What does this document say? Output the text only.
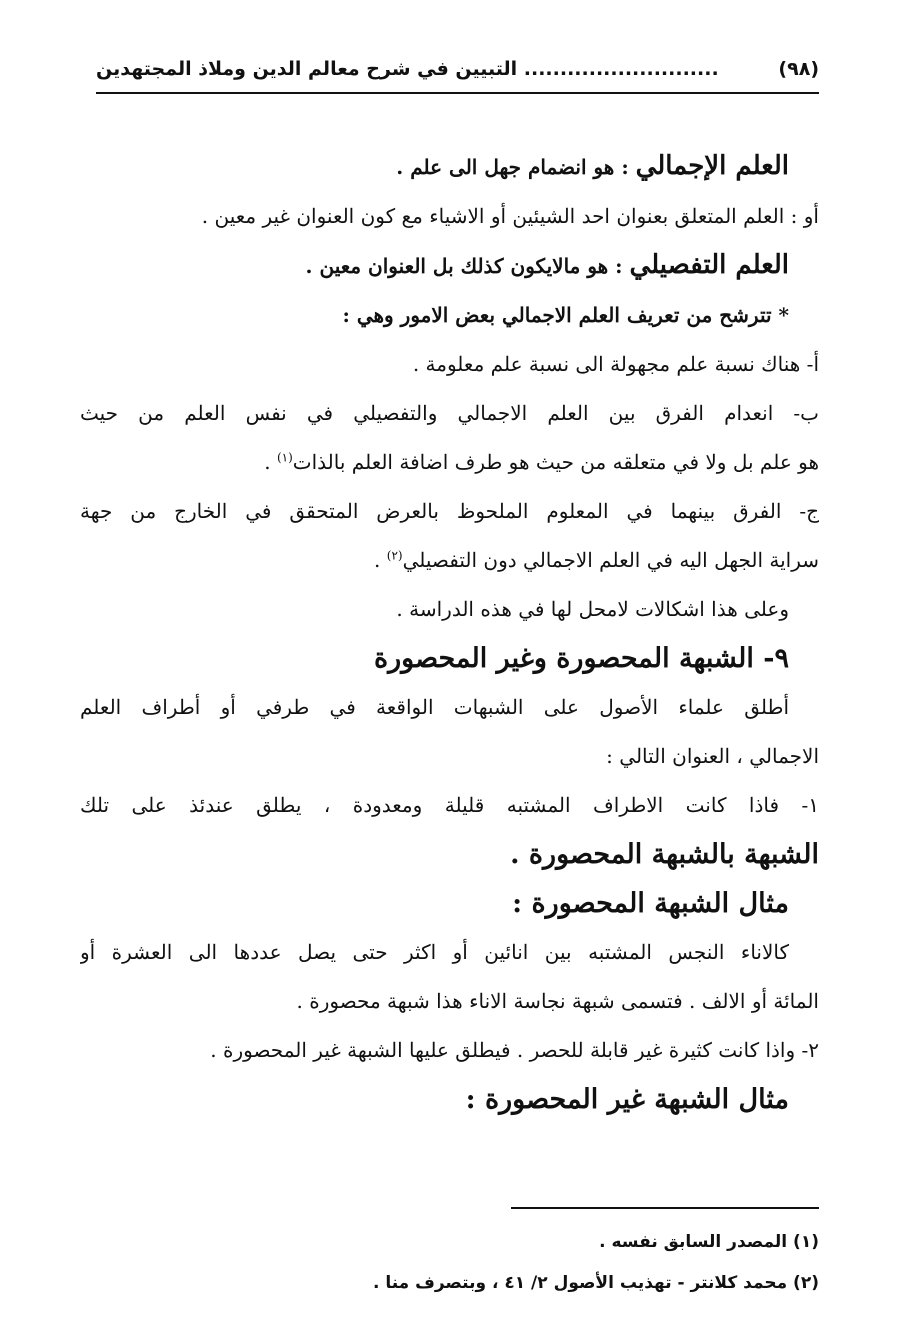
(٩٨)
........................... التبيين في شرح معالم الدين وملاذ المجتهدين
العلم الإجمالي : هو انضمام جهل الى علم .
أو : العلم المتعلق بعنوان احد الشيئين أو الاشياء مع كون العنوان غير معين .
العلم التفصيلي : هو مالايكون كذلك بل العنوان معين .
* تترشح من تعريف العلم الاجمالي بعض الامور وهي :
أ- هناك نسبة علم مجهولة الى نسبة علم معلومة .
ب- انعدام الفرق بين العلم الاجمالي والتفصيلي في نفس العلم من حيث
هو علم بل ولا في متعلقه من حيث هو طرف اضافة العلم بالذات$^{(١)}$ .
ج- الفرق بينهما في المعلوم الملحوظ بالعرض المتحقق في الخارج من جهة
سراية الجهل اليه في العلم الاجمالي دون التفصيلي$^{(٢)}$ .
وعلى هذا اشكالات لامحل لها في هذه الدراسة .
٩- الشبهة المحصورة وغير المحصورة
أطلق علماء الأصول على الشبهات الواقعة في طرفي أو أطراف العلم
الاجمالي ، العنوان التالي :
١- فاذا كانت الاطراف المشتبه قليلة ومعدودة ، يطلق عندئذ على تلك
الشبهة بالشبهة المحصورة .
مثال الشبهة المحصورة :
كالاناء النجس المشتبه بين انائين أو اكثر حتى يصل عددها الى العشرة أو
المائة أو الالف . فتسمى شبهة نجاسة الاناء هذا شبهة محصورة .
٢- واذا كانت كثيرة غير قابلة للحصر . فيطلق عليها الشبهة غير المحصورة .
مثال الشبهة غير المحصورة :
(١) المصدر السابق نفسه .
(٢) محمد كلانتر - تهذيب الأصول ٢/ ٤١ ، وبتصرف منا .
